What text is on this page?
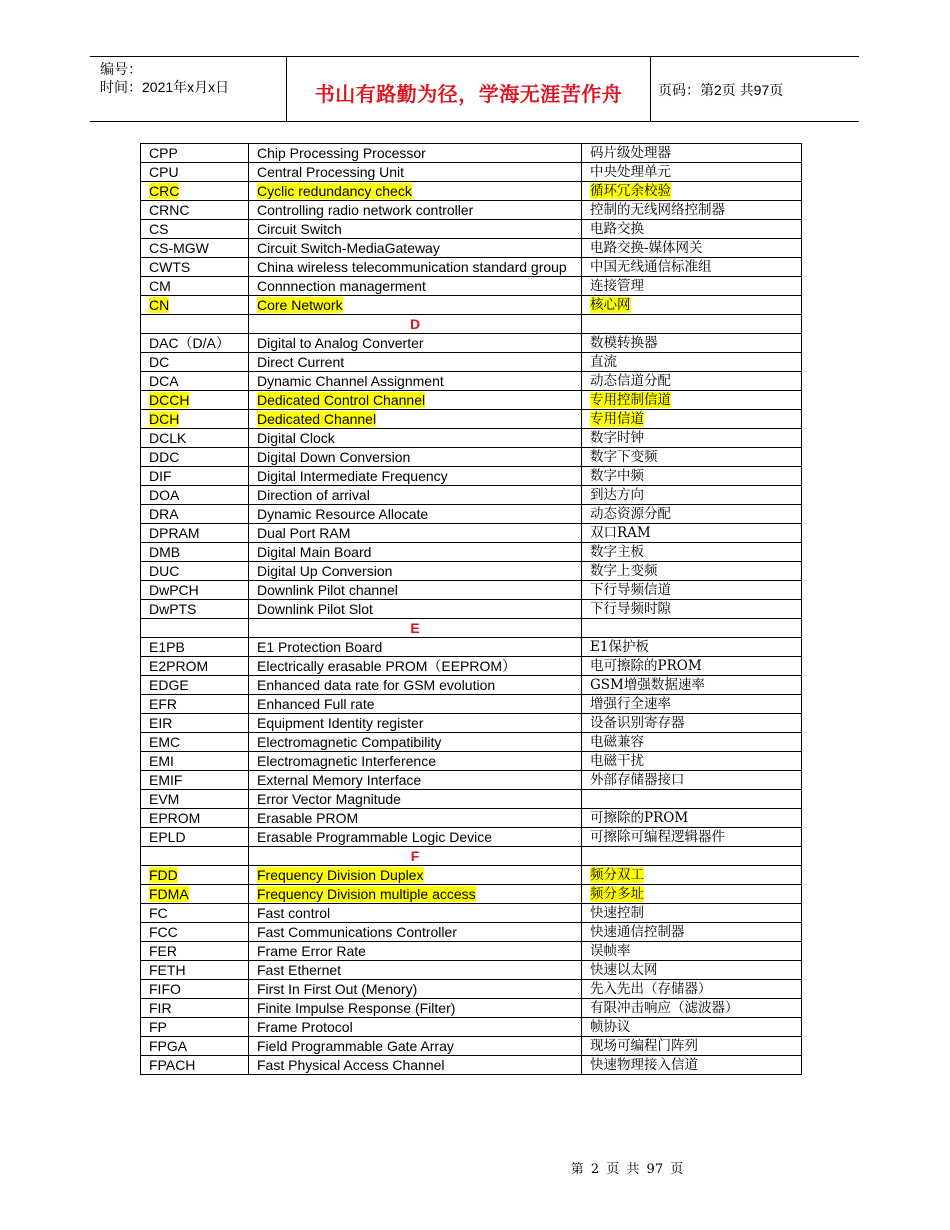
编号：
时间：2021年x月x日	书山有路勤为径，学海无涯苦作舟	页码：第2页 共97页
CPP	Chip Processing Processor	码片级处理器
CPU	Central Processing Unit	中央处理单元
CRC	Cyclic redundancy check	循环冗余校验
CRNC	Controlling radio network controller	控制的无线网络控制器
CS	Circuit Switch	电路交换
CS-MGW	Circuit Switch-MediaGateway	电路交换-媒体网关
CWTS	China wireless telecommunication standard group	中国无线通信标准组
CM	Connnection managerment	连接管理
CN	Core Network	核心网
	D	
DAC（D/A）	Digital to Analog Converter	数模转换器
DC	Direct Current	直流
DCA	Dynamic Channel Assignment	动态信道分配
DCCH	Dedicated Control Channel	专用控制信道
DCH	Dedicated Channel	专用信道
DCLK	Digital Clock	数字时钟
DDC	Digital Down Conversion	数字下变频
DIF	Digital Intermediate Frequency	数字中频
DOA	Direction of arrival	到达方向
DRA	Dynamic Resource Allocate	动态资源分配
DPRAM	Dual Port RAM	双口RAM
DMB	Digital Main Board	数字主板
DUC	Digital Up Conversion	数字上变频
DwPCH	Downlink Pilot channel	下行导频信道
DwPTS	Downlink Pilot Slot	下行导频时隙
	E	
E1PB	E1 Protection Board	E1保护板
E2PROM	Electrically erasable PROM（EEPROM）	电可擦除的PROM
EDGE	Enhanced data rate for GSM evolution	GSM增强数据速率
EFR	Enhanced Full rate	增强行全速率
EIR	Equipment Identity register	设备识别寄存器
EMC	Electromagnetic Compatibility	电磁兼容
EMI	Electromagnetic Interference	电磁干扰
EMIF	External Memory Interface	外部存储器接口
EVM	Error Vector Magnitude	
EPROM	Erasable PROM	可擦除的PROM
EPLD	Erasable Programmable Logic Device	可擦除可编程逻辑器件
	F	
FDD	Frequency Division Duplex	频分双工
FDMA	Frequency Division multiple access	频分多址
FC	Fast control	快速控制
FCC	Fast Communications Controller	快速通信控制器
FER	Frame Error Rate	误帧率
FETH	Fast Ethernet	快速以太网
FIFO	First In First Out (Menory)	先入先出（存储器）
FIR	Finite Impulse Response (Filter)	有限冲击响应（滤波器）
FP	Frame Protocol	帧协议
FPGA	Field Programmable Gate Array	现场可编程门阵列
FPACH	Fast Physical Access Channel	快速物理接入信道
第 2 页 共 97 页
